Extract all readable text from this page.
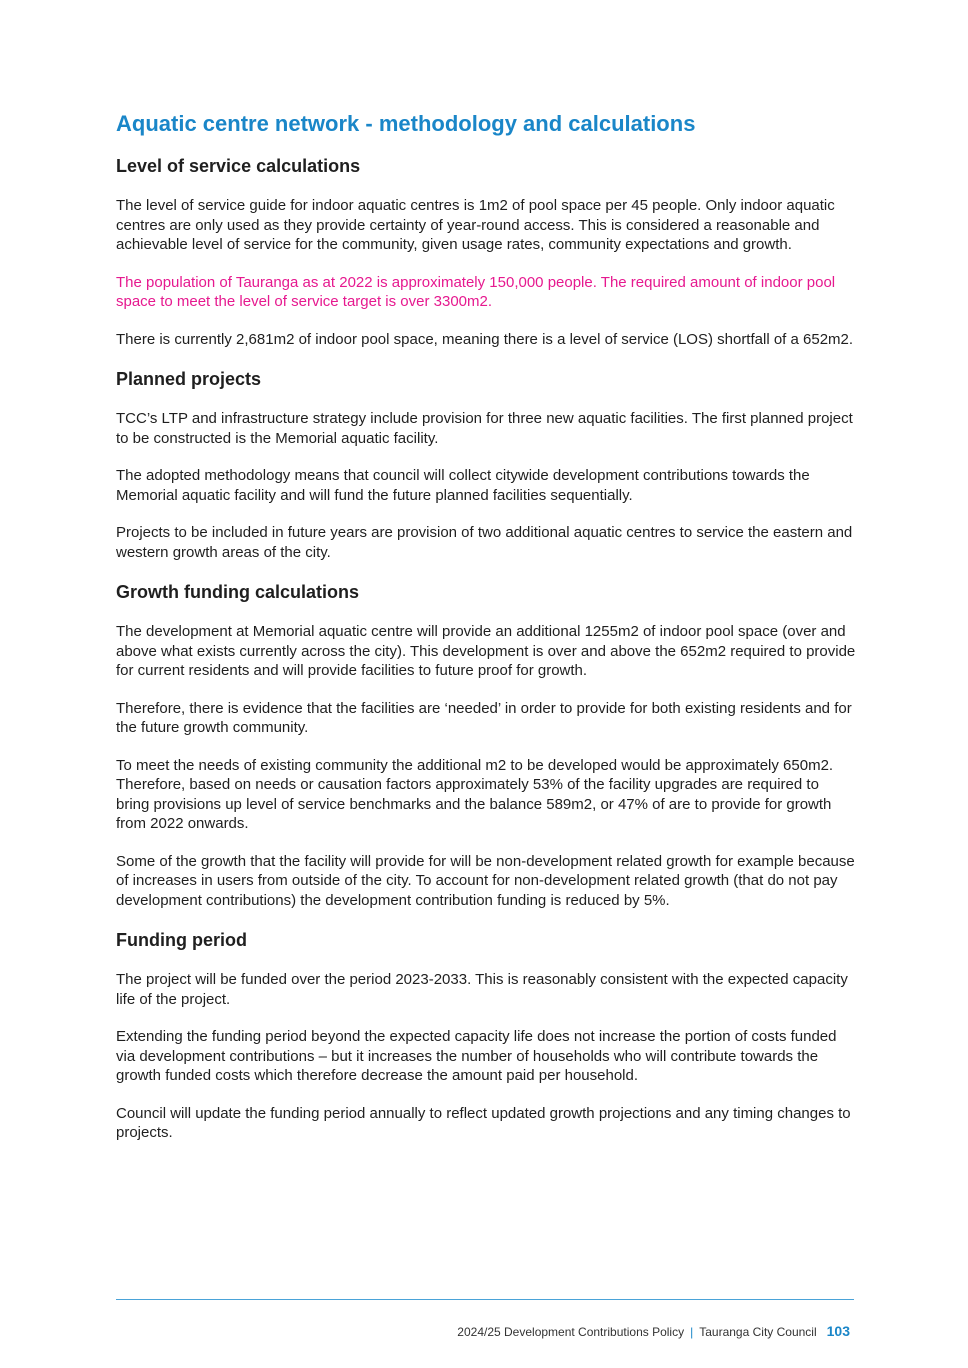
Aquatic centre network - methodology and calculations
Level of service calculations

The level of service guide for indoor aquatic centres is 1m2 of pool space per 45 people. Only indoor aquatic centres are only used as they provide certainty of year-round access. This is considered a reasonable and achievable level of service for the community, given usage rates, community expectations and growth.

The population of Tauranga as at 2022 is approximately 150,000 people. The required amount of indoor pool space to meet the level of service target is over 3300m2.

There is currently 2,681m2 of indoor pool space, meaning there is a level of service (LOS) shortfall of a 652m2.

Planned projects

TCC’s LTP and infrastructure strategy include provision for three new aquatic facilities. The first planned project to be constructed is the Memorial aquatic facility.

The adopted methodology means that council will collect citywide development contributions towards the Memorial aquatic facility and will fund the future planned facilities sequentially.

Projects to be included in future years are provision of two additional aquatic centres to service the eastern and western growth areas of the city.

Growth funding calculations

The development at Memorial aquatic centre will provide an additional 1255m2 of indoor pool space (over and above what exists currently across the city). This development is over and above the 652m2 required to provide for current residents and will provide facilities to future proof for growth.

Therefore, there is evidence that the facilities are ‘needed’ in order to provide for both existing residents and for the future growth community.

To meet the needs of existing community the additional m2 to be developed would be approximately 650m2. Therefore, based on needs or causation factors approximately 53% of the facility upgrades are required to bring provisions up level of service benchmarks and the balance 589m2, or 47% of are to provide for growth from 2022 onwards.

Some of the growth that the facility will provide for will be non-development related growth for example because of increases in users from outside of the city. To account for non-development related growth (that do not pay development contributions) the development contribution funding is reduced by 5%.

Funding period

The project will be funded over the period 2023-2033. This is reasonably consistent with the expected capacity life of the project.

Extending the funding period beyond the expected capacity life does not increase the portion of costs funded via development contributions – but it increases the number of households who will contribute towards the growth funded costs which therefore decrease the amount paid per household.

Council will update the funding period annually to reflect updated growth projections and any timing changes to projects.

2024/25 Development Contributions Policy | Tauranga City Council 103
